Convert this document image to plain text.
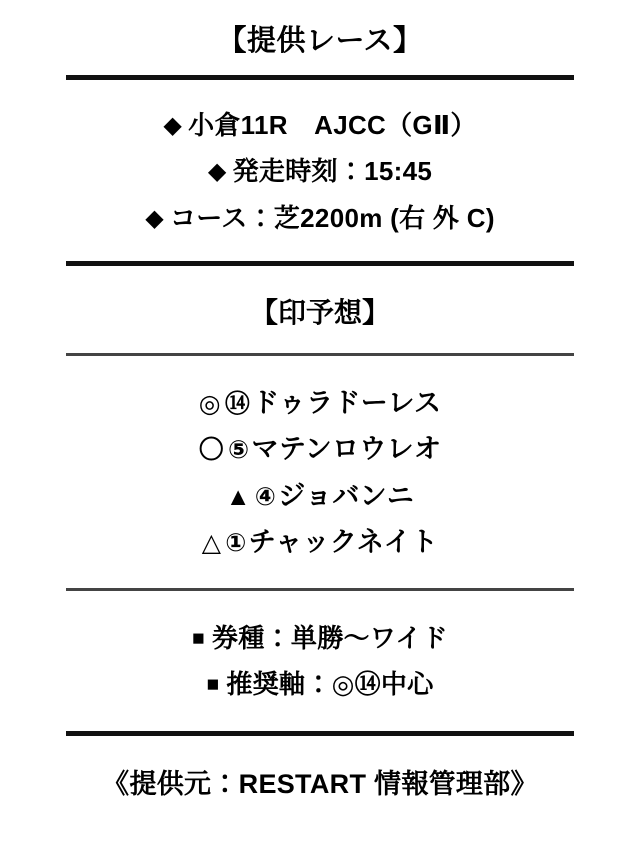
【提供レース】
◆ 小倉11R　AJCC（GⅡ）
◆ 発走時刻：15:45
◆ コース：芝2200m (右 外 C)
【印予想】
◎ ⑭ドゥラドーレス
〇 ⑤マテンロウレオ
▲ ④ジョバンニ
△ ①チャックネイト
■ 券種：単勝〜ワイド
■ 推奨軸：◎⑭中心
《提供元：RESTART 情報管理部》
